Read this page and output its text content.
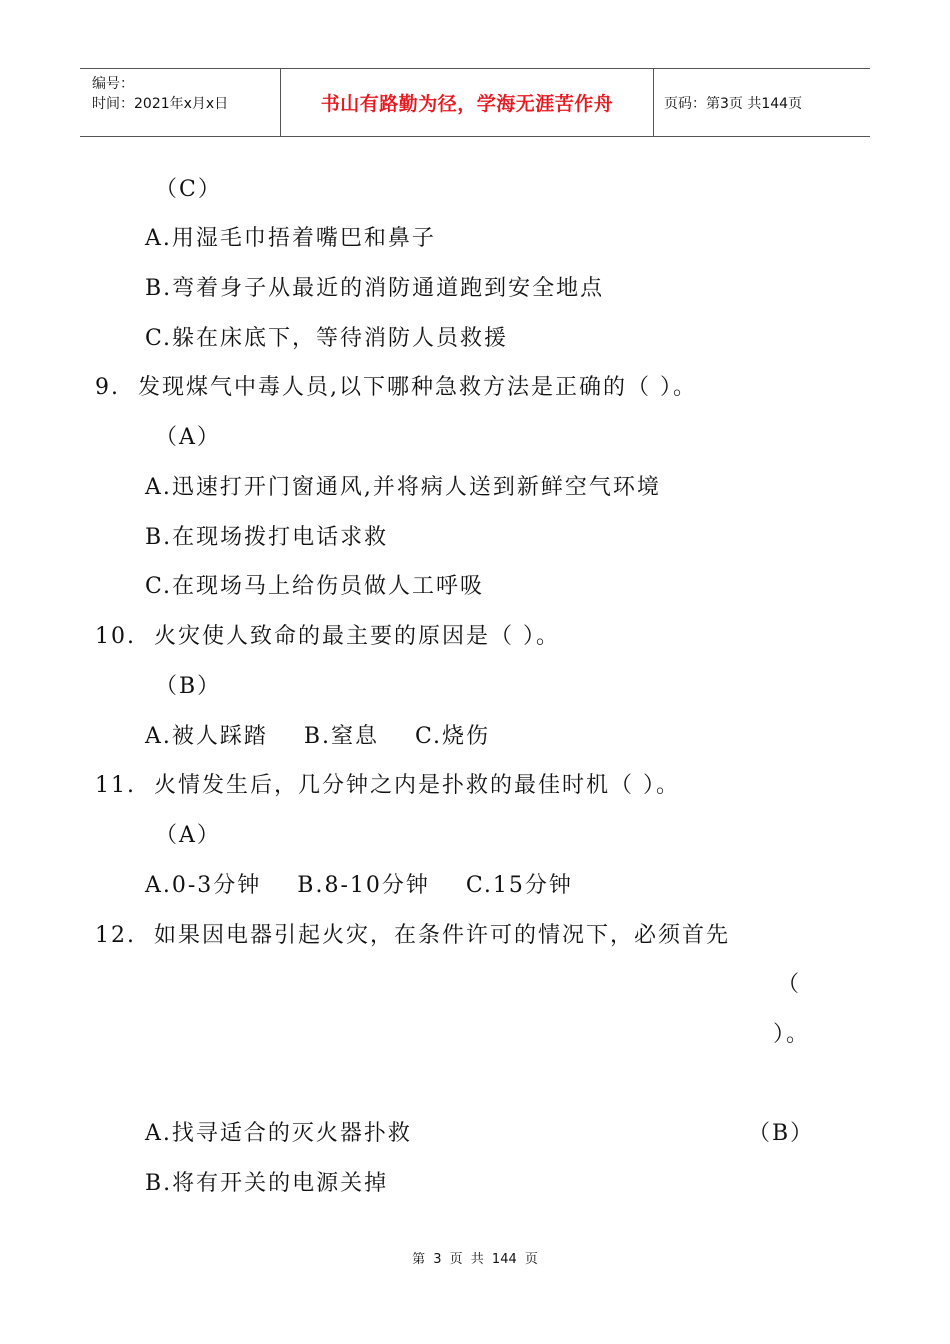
编号：
时间：2021年x月x日	书山有路勤为径，学海无涯苦作舟	页码：第3页 共144页
（C）
A.用湿毛巾捂着嘴巴和鼻子
B.弯着身子从最近的消防通道跑到安全地点
C.躲在床底下，等待消防人员救援
9.  发现煤气中毒人员,以下哪种急救方法是正确的（ ）。
（A）
A.迅速打开门窗通风,并将病人送到新鲜空气环境
B.在现场拨打电话求救
C.在现场马上给伤员做人工呼吸
10.  火灾使人致命的最主要的原因是（ ）。
（B）
A.被人踩踏    B.窒息    C.烧伤
11.  火情发生后，几分钟之内是扑救的最佳时机（ ）。
（A）
A.0-3分钟    B.8-10分钟    C.15分钟
12.  如果因电器引起火灾，在条件许可的情况下，必须首先
（
）。
A.找寻适合的灭火器扑救	（B）
B.将有开关的电源关掉
第 3 页 共 144 页
